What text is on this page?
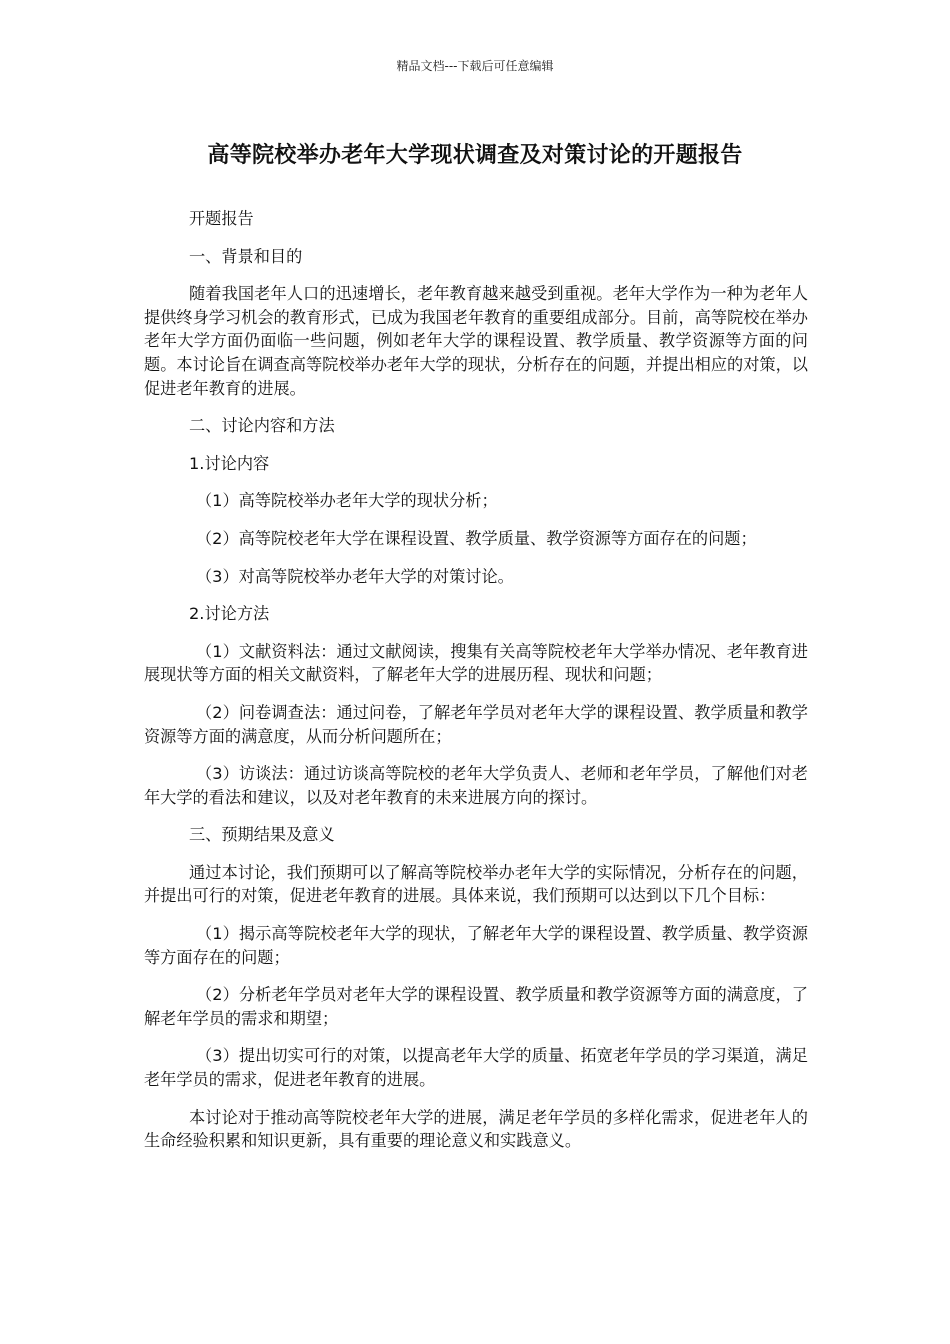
精品文档---下载后可任意编辑
高等院校举办老年大学现状调查及对策讨论的开题报告

开题报告

一、背景和目的

随着我国老年人口的迅速增长，老年教育越来越受到重视。老年大学作为一种为老年人提供终身学习机会的教育形式，已成为我国老年教育的重要组成部分。目前，高等院校在举办老年大学方面仍面临一些问题，例如老年大学的课程设置、教学质量、教学资源等方面的问题。本讨论旨在调查高等院校举办老年大学的现状，分析存在的问题，并提出相应的对策，以促进老年教育的进展。

二、讨论内容和方法

1.讨论内容

（1）高等院校举办老年大学的现状分析；

（2）高等院校老年大学在课程设置、教学质量、教学资源等方面存在的问题；

（3）对高等院校举办老年大学的对策讨论。

2.讨论方法

（1）文献资料法：通过文献阅读，搜集有关高等院校老年大学举办情况、老年教育进展现状等方面的相关文献资料，了解老年大学的进展历程、现状和问题；

（2）问卷调查法：通过问卷，了解老年学员对老年大学的课程设置、教学质量和教学资源等方面的满意度，从而分析问题所在；

（3）访谈法：通过访谈高等院校的老年大学负责人、老师和老年学员，了解他们对老年大学的看法和建议，以及对老年教育的未来进展方向的探讨。

三、预期结果及意义

通过本讨论，我们预期可以了解高等院校举办老年大学的实际情况，分析存在的问题，并提出可行的对策，促进老年教育的进展。具体来说，我们预期可以达到以下几个目标：

（1）揭示高等院校老年大学的现状，了解老年大学的课程设置、教学质量、教学资源等方面存在的问题；

（2）分析老年学员对老年大学的课程设置、教学质量和教学资源等方面的满意度，了解老年学员的需求和期望；

（3）提出切实可行的对策，以提高老年大学的质量、拓宽老年学员的学习渠道，满足老年学员的需求，促进老年教育的进展。

本讨论对于推动高等院校老年大学的进展，满足老年学员的多样化需求，促进老年人的生命经验积累和知识更新，具有重要的理论意义和实践意义。
